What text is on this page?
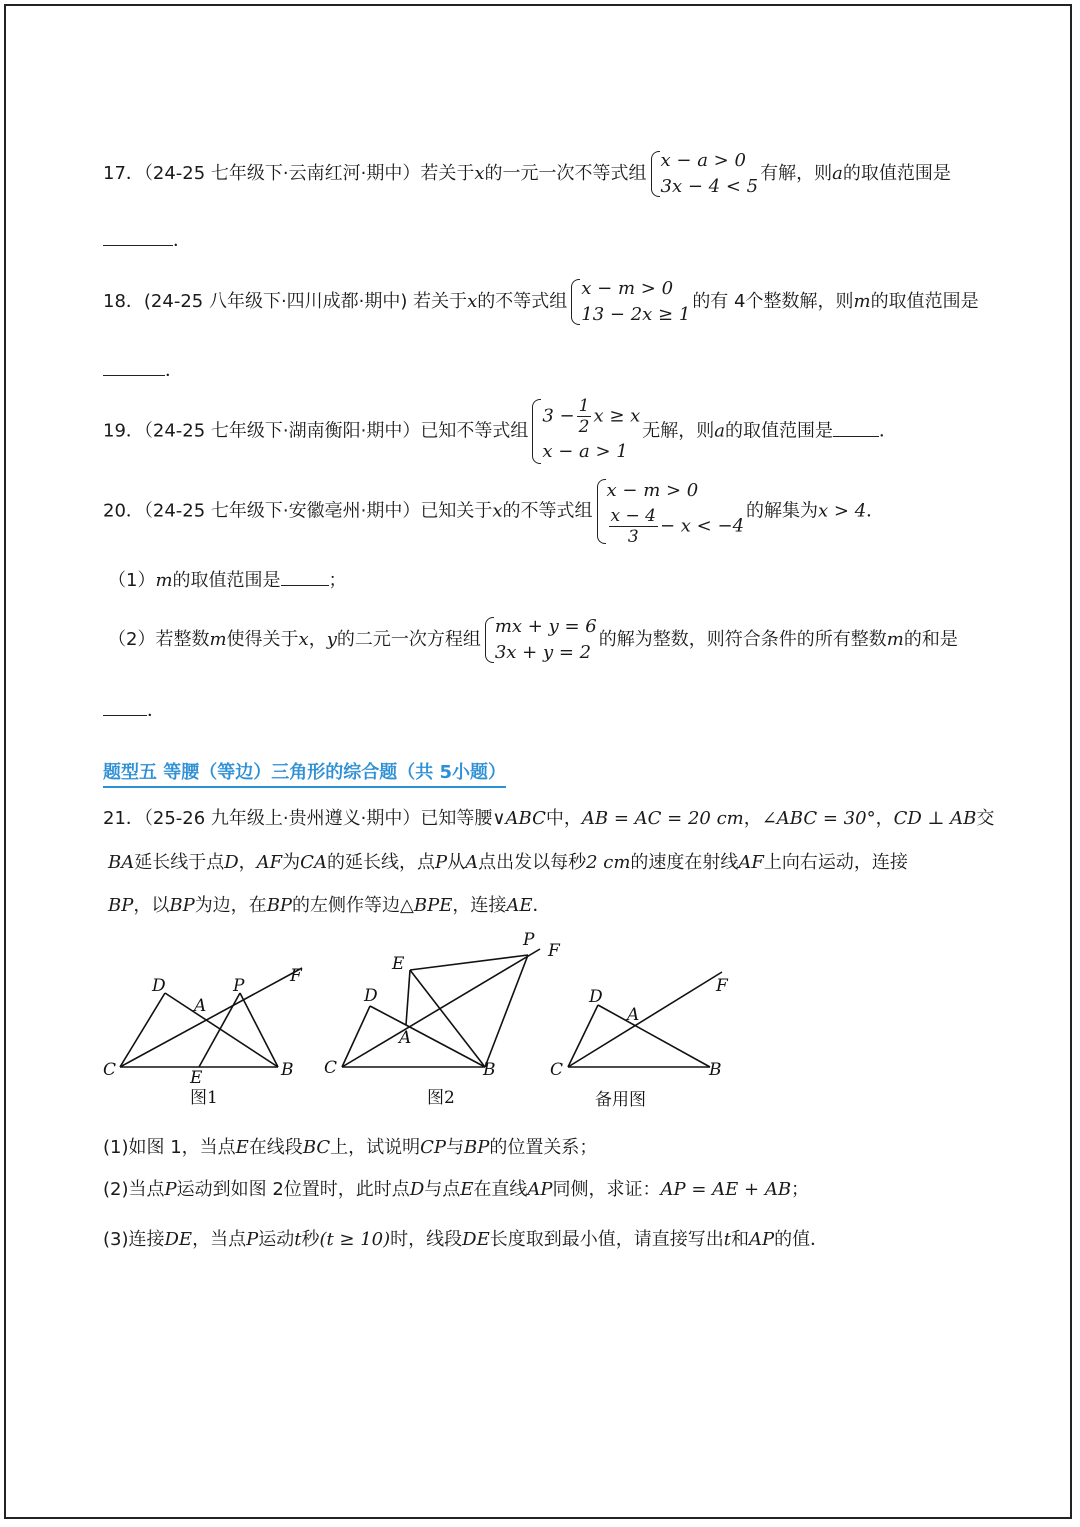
17．（24-25 七年级下·云南红河·期中）若关于x的一元一次不等式组
x − a > 0
3x − 4 < 5
有解，则a的取值范围是
．
18．(24-25 八年级下·四川成都·期中) 若关于x的不等式组
x − m > 0
13 − 2x ≥ 1
的有 4个整数解，则m的取值范围是
．
19．（24-25 七年级下·湖南衡阳·期中）已知不等式组
$3 - \frac{1}{2}$ x ≥ x
x − a > 1
无解，则a的取值范围是	．
20．（24-25 七年级下·安徽亳州·期中）已知关于x的不等式组
x − m > 0
$\frac{x - 4}{3} - x < -4$
的解集为x > 4．
（1）m的取值范围是	；
（2）若整数m使得关于x，y的二元一次方程组
mx + y = 6
3x + y = 2
的解为整数，则符合条件的所有整数m的和是
．
题型五 等腰（等边）三角形的综合题（共 5小题）
21．（25-26 九年级上·贵州遵义·期中）已知等腰∨ABC中，AB = AC = 20 cm，∠ABC = 30°，CD ⊥ AB交
BA延长线于点D，AF为CA的延长线，点P从A点出发以每秒2 cm的速度在射线AF上向右运动，连接
BP，以BP为边，在BP的左侧作等边△BPE，连接AE．
D
A
P	F
C	E	B
图1
P
F
E
D
A
C	B
图2
D
A
F
C	B
备用图
(1)如图 1，当点E在线段BC上，试说明CP与BP的位置关系；
(2)当点P运动到如图 2位置时，此时点D与点E在直线AP同侧，求证：AP = AE + AB；
(3)连接DE，当点P运动t秒(t ≥ 10)时，线段DE长度取到最小值，请直接写出t和AP的值．
